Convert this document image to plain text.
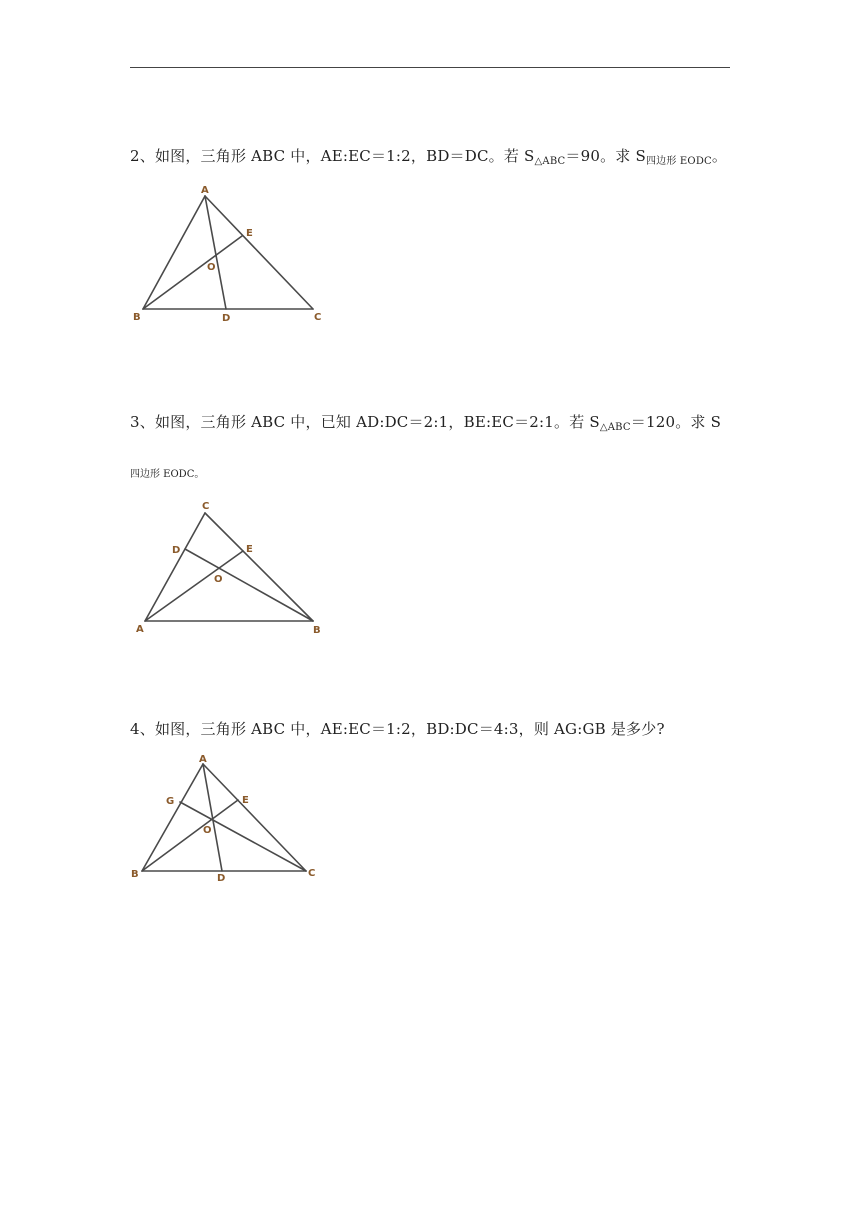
2、如图，三角形 ABC 中，AE:EC＝1:2，BD＝DC。若 $S_{\triangle ABC}=90$。求 $S_{四边形 EODC}$。
A
E
O
B	D	C
3、如图，三角形 ABC 中，已知 AD:DC＝2:1，BE:EC＝2:1。若 $S_{\triangle ABC}=120$。求 S
四边形 EODC。
C
D	E
O
A	B
4、如图，三角形 ABC 中，AE:EC＝1:2，BD:DC＝4:3，则 AG:GB 是多少?
A
G	E
O
B	D	C
